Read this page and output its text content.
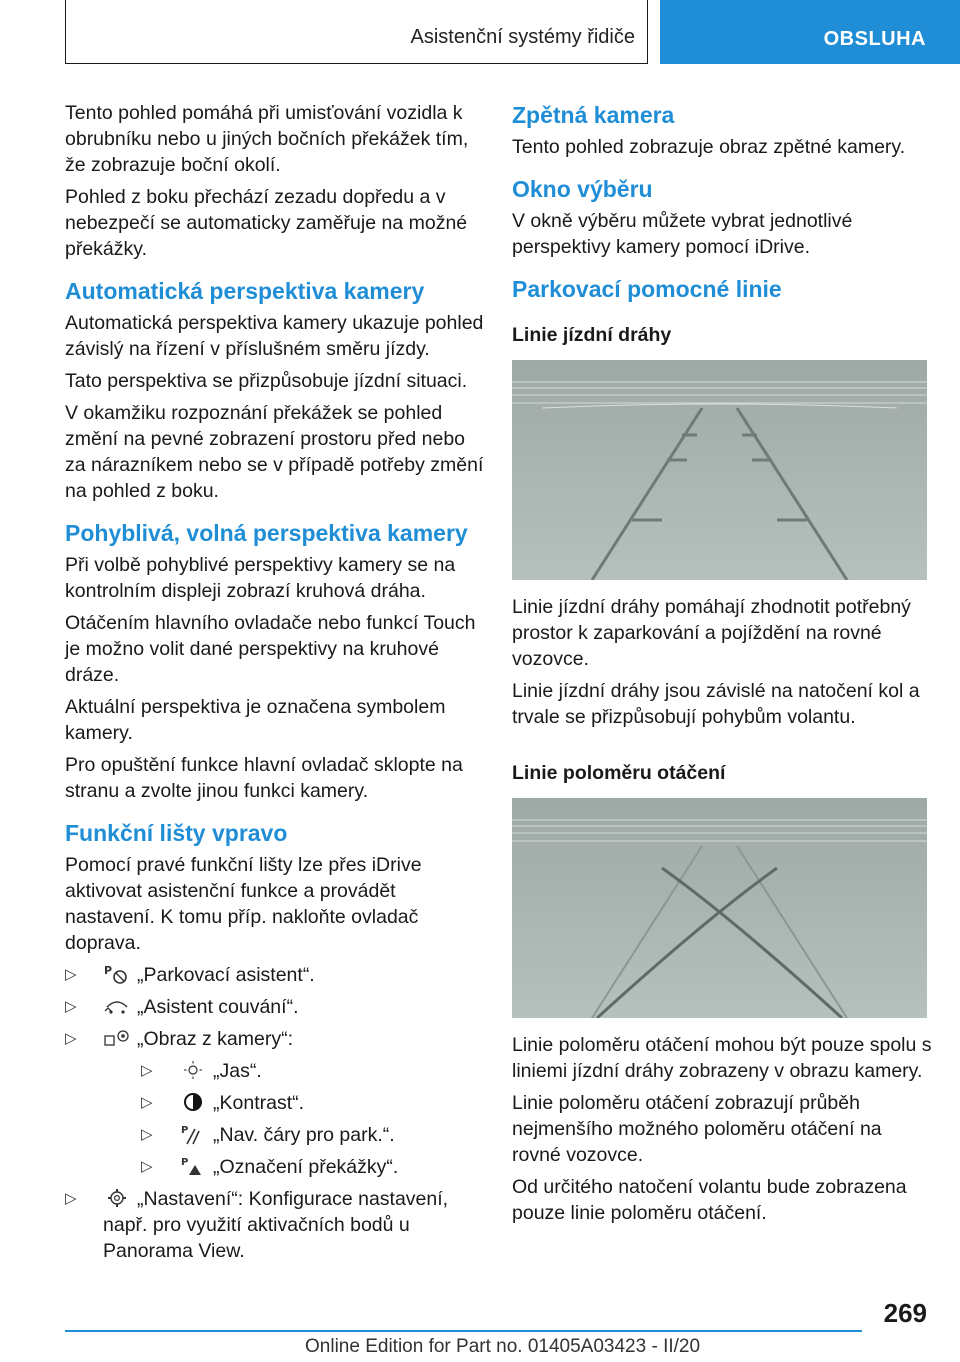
Asistenční systémy řidiče	OBSLUHA

Tento pohled pomáhá při umisťování vozidla k obrubníku nebo u jiných bočních překážek tím, že zobrazuje boční okolí.

Pohled z boku přechází zezadu dopředu a v nebezpečí se automaticky zaměřuje na možné překážky.

Automatická perspektiva kamery

Automatická perspektiva kamery ukazuje pohled závislý na řízení v příslušném směru jízdy.

Tato perspektiva se přizpůsobuje jízdní situaci.

V okamžiku rozpoznání překážek se pohled změní na pevné zobrazení prostoru před nebo za nárazníkem nebo se v případě potřeby změní na pohled z boku.

Pohyblivá, volná perspektiva kamery

Při volbě pohyblivé perspektivy kamery se na kontrolním displeji zobrazí kruhová dráha.

Otáčením hlavního ovladače nebo funkcí Touch je možno volit dané perspektivy na kruhové dráze.

Aktuální perspektiva je označena symbolem kamery.

Pro opuštění funkce hlavní ovladač sklopte na stranu a zvolte jinou funkci kamery.

Funkční lišty vpravo

Pomocí pravé funkční lišty lze přes iDrive aktivovat asistenční funkce a provádět nastavení. K tomu příp. nakloňte ovladač doprava.

▷ P „Parkovací asistent“.
▷	„Asistent couvání“.
▷	„Obraz z kamery“:
▷	„Jas“.
▷	„Kontrast“.
▷	P „Nav. čáry pro park.“.
▷	P „Označení překážky“.
▷	„Nastavení“: Konfigurace nastavení, např. pro využití aktivačních bodů u Panorama View.
Zpětná kamera

Tento pohled zobrazuje obraz zpětné kamery.

Okno výběru

V okně výběru můžete vybrat jednotlivé perspektivy kamery pomocí iDrive.

Parkovací pomocné linie
Linie jízdní dráhy

Linie jízdní dráhy pomáhají zhodnotit potřebný prostor k zaparkování a pojíždění na rovné vozovce.

Linie jízdní dráhy jsou závislé na natočení kol a trvale se přizpůsobují pohybům volantu.

Linie poloměru otáčení

Linie poloměru otáčení mohou být pouze spolu s liniemi jízdní dráhy zobrazeny v obrazu kamery.

Linie poloměru otáčení zobrazují průběh nejmenšího možného poloměru otáčení na rovné vozovce.

Od určitého natočení volantu bude zobrazena pouze linie poloměru otáčení.

269
Online Edition for Part no. 01405A03423 - II/20
